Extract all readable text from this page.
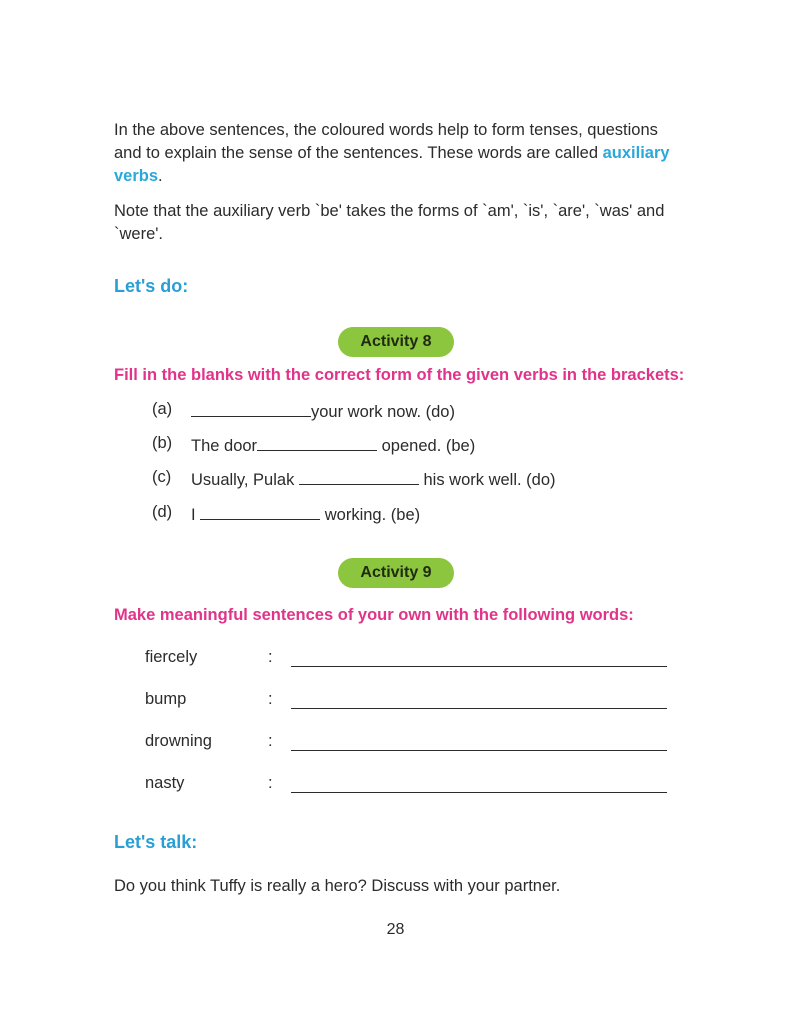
In the above sentences, the coloured words help to form tenses, questions and to explain the sense of the sentences. These words are called auxiliary verbs.

Note that the auxiliary verb `be' takes the forms of `am', `is', `are', `was' and `were'.

Let's do:
Activity 8

Fill in the blanks with the correct form of the given verbs in the brackets:

(a)	your work now. (do)
(b) The door	opened. (be)
(c) Usually, Pulak	his work well. (do)
(d) I	working. (be)
Activity 9

Make meaningful sentences of your own with the following words:

fiercely	:
bump	:
drowning	:
nasty	:
Let's talk:

Do you think Tuffy is really a hero? Discuss with your partner.

28
